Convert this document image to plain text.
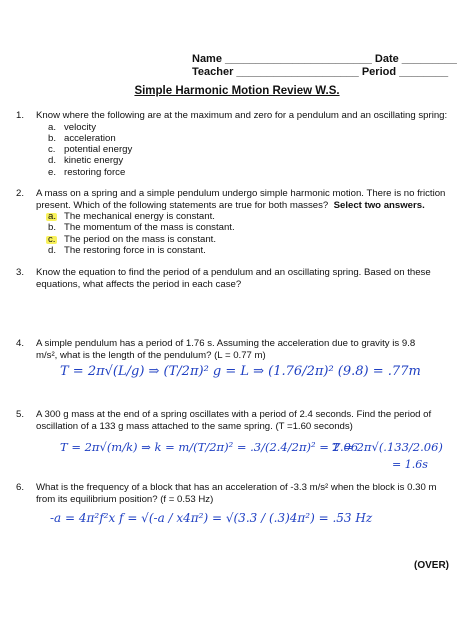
Name ________________________ Date _________
Teacher ____________________ Period ________
Simple Harmonic Motion Review W.S.
1. Know where the following are at the maximum and zero for a pendulum and an oscillating spring:
a. velocity
b. acceleration
c. potential energy
d. kinetic energy
e. restoring force
2. A mass on a spring and a simple pendulum undergo simple harmonic motion. There is no friction present. Which of the following statements are true for both masses? Select two answers.
a. The mechanical energy is constant.
b. The momentum of the mass is constant.
c. The period on the mass is constant.
d. The restoring force in is constant.
3. Know the equation to find the period of a pendulum and an oscillating spring. Based on these equations, what affects the period in each case?
4. A simple pendulum has a period of 1.76 s. Assuming the acceleration due to gravity is 9.8
m/s², what is the length of the pendulum? (L = 0.77 m)
T = 2π√(L/g) ⇒ (T/2π)² g = L ⇒ (1.76/2π)² (9.8) = .77m
5. A 300 g mass at the end of a spring oscillates with a period of 2.4 seconds. Find the period of oscillation of a 133 g mass attached to the same spring. (T =1.60 seconds)
T = 2π√(m/k) ⇒ k = m/(T/2π)² = .3/(2.4/2π)² = 2.06
T = 2π√(.133/2.06)
= 1.6s
6. What is the frequency of a block that has an acceleration of -3.3 m/s² when the block is 0.30 m
from its equilibrium position? (f = 0.53 Hz)
-a = 4π²f²x f = √(-a / x4π²) = √(3.3 / (.3)4π²) = .53 Hz
(OVER)
